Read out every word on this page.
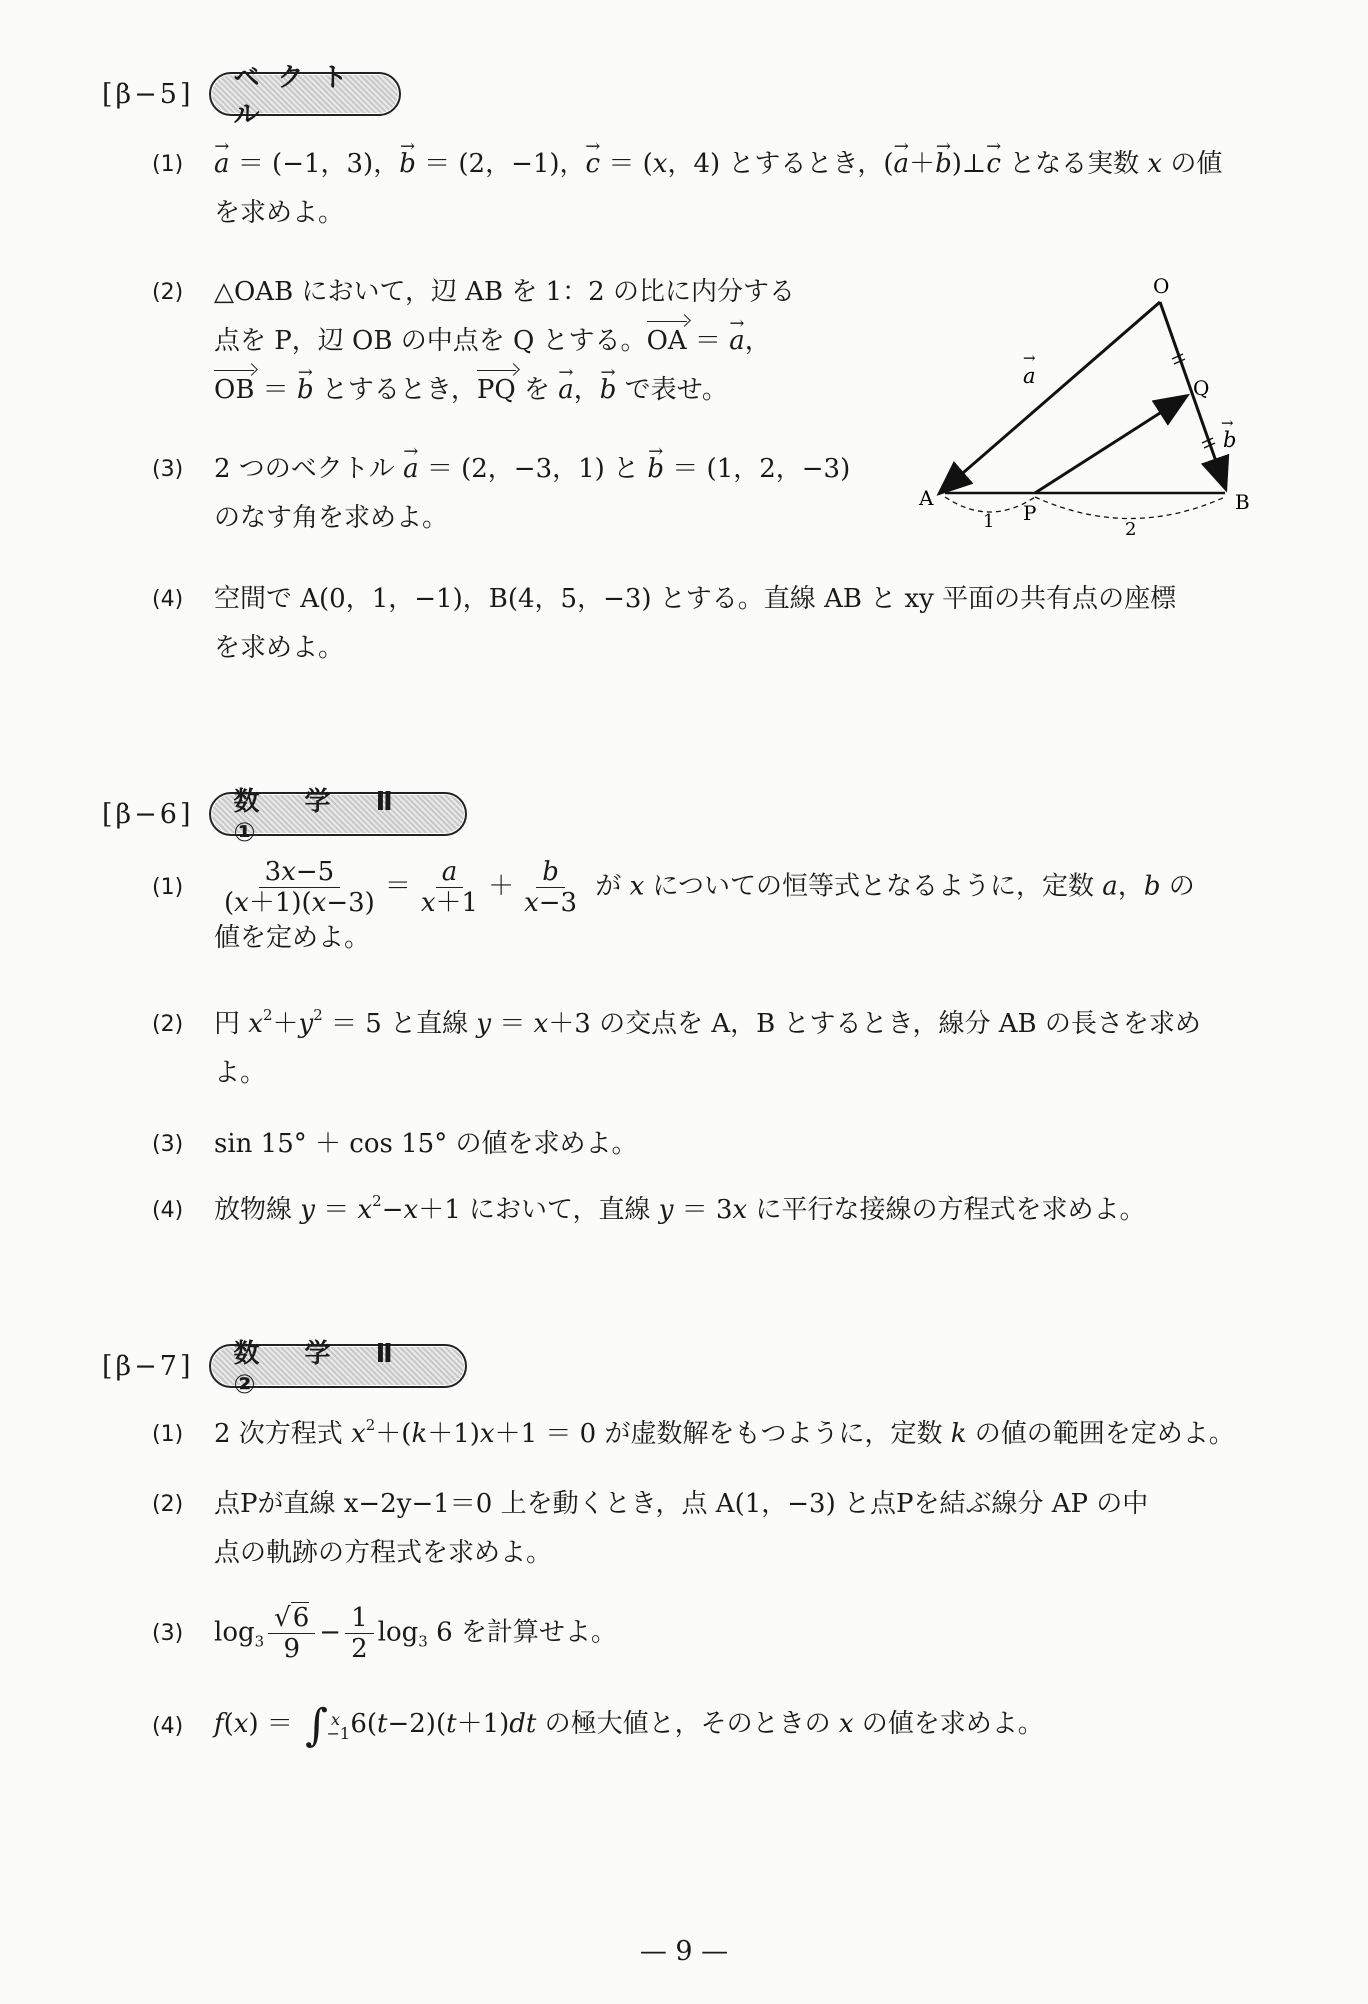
[β−5]
ベクトル
(1)
→ a ＝ (−1，3)，→ b ＝ (2，−1)，→ c ＝ (x，4) とするとき，(→ a＋→ b)⊥→ c となる実数 x の値
を求めよ。
(2) △OAB において，辺 AB を 1：2 の比に内分する
点を P，辺 OB の中点を Q とする。OA ＝ → a，
OB ＝ → b とするとき，PQ を → a，→ b で表せ。
(3) 2 つのベクトル → a ＝ (2，−3，1) と → b ＝ (1，2，−3)
のなす角を求めよ。
(4) 空間で A(0，1，−1)，B(4，5，−3) とする。直線 AB と xy 平面の共有点の座標
を求めよ。
O
A	B
P
Q
a
→
b
→
1	2
[β−6]	数 学 Ⅱ ①
$(1) \frac{3x-5}{(x+1)(x-3)} = \frac{a}{x+1} + \frac{b}{x-3}$ が x についての恒等式となるように，定数 a，b の
値を定めよ。
(2) 円 $x^2+y^2 = 5$ と直線 y ＝ x＋3 の交点を A，B とするとき，線分 AB の長さを求め
よ。
(3) sin 15° ＋ cos 15° の値を求めよ。
(4) 放物線 $y = x^2-x+1$ において，直線 y ＝ 3x に平行な接線の方程式を求めよ。
[β−7]	数 学 Ⅱ ②
(1) 2 次方程式 $x^2+(k+1)x+1 = 0$ が虚数解をもつように，定数 k の値の範囲を定めよ。
(2) 点Pが直線 x−2y−1＝0 上を動くとき，点 A(1，−3) と点Pを結ぶ線分 AP の中
点の軌跡の方程式を求めよ。
(3) $\log_3 \frac{√6}{9} - \frac{1}{2} \log_3 6$ を計算せよ。
(4) f(x) ＝ ∫ x
−1
6(t−2)(t＋1)dt の極大値と，そのときの x の値を求めよ。
— 9 —
